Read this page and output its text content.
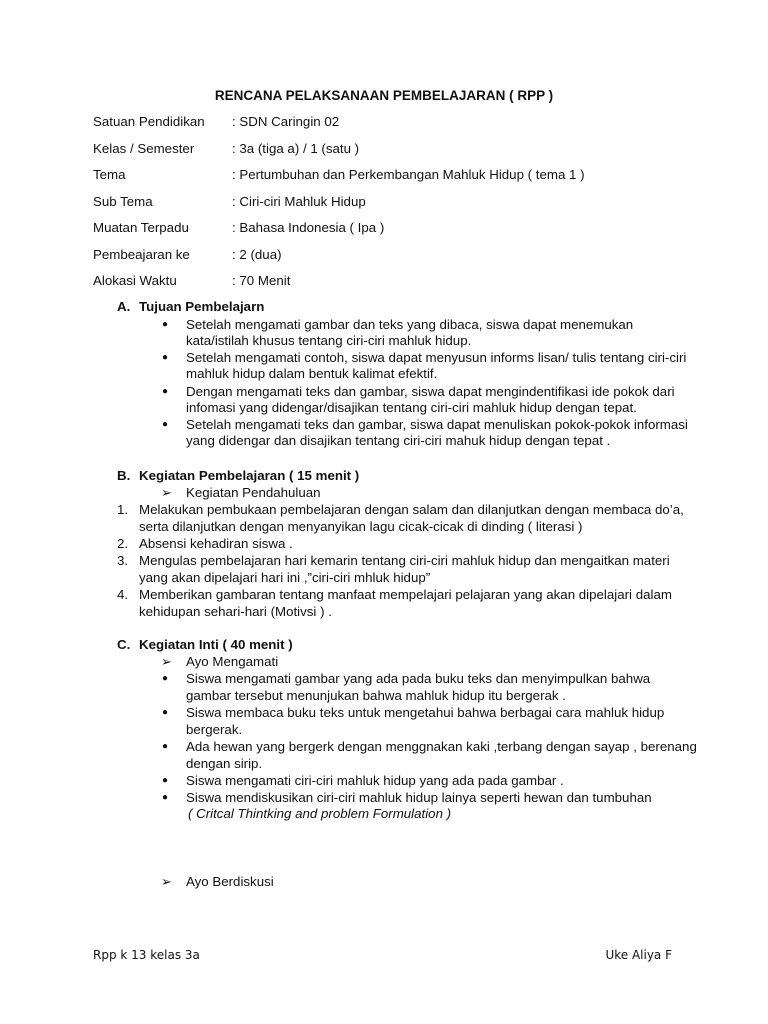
RENCANA PELAKSANAAN PEMBELAJARAN ( RPP )
Satuan Pendidikan : SDN Caringin 02
Kelas / Semester	: 3a (tiga a) / 1 (satu )
Tema	: Pertumbuhan dan Perkembangan Mahluk Hidup ( tema 1 )
Sub Tema	: Ciri-ciri Mahluk Hidup
Muatan Terpadu	: Bahasa Indonesia ( Ipa )
Pembeajaran ke	: 2 (dua)
Alokasi Waktu	: 70 Menit
A. Tujuan Pembelajarn
● Setelah mengamati gambar dan teks yang dibaca, siswa dapat menemukan
kata/istilah khusus tentang ciri-ciri mahluk hidup.
● Setelah mengamati contoh, siswa dapat menyusun informs lisan/ tulis tentang ciri-ciri
mahluk hidup dalam bentuk kalimat efektif.
● Dengan mengamati teks dan gambar, siswa dapat mengindentifikasi ide pokok dari
infomasi yang didengar/disajikan tentang ciri-ciri mahluk hidup dengan tepat.
● Setelah mengamati teks dan gambar, siswa dapat menuliskan pokok-pokok informasi
yang didengar dan disajikan tentang ciri-ciri mahuk hidup dengan tepat .
B. Kegiatan Pembelajaran ( 15 menit )
➢ Kegiatan Pendahuluan
1. Melakukan pembukaan pembelajaran dengan salam dan dilanjutkan dengan membaca do’a,
serta dilanjutkan dengan menyanyikan lagu cicak-cicak di dinding ( literasi )
2. Absensi kehadiran siswa .
3. Mengulas pembelajaran hari kemarin tentang ciri-ciri mahluk hidup dan mengaitkan materi
yang akan dipelajari hari ini ,”ciri-ciri mhluk hidup”
4. Memberikan gambaran tentang manfaat mempelajari pelajaran yang akan dipelajari dalam
kehidupan sehari-hari (Motivsi ) .
C. Kegiatan Inti ( 40 menit )
➢ Ayo Mengamati
● Siswa mengamati gambar yang ada pada buku teks dan menyimpulkan bahwa
gambar tersebut menunjukan bahwa mahluk hidup itu bergerak .
● Siswa membaca buku teks untuk mengetahui bahwa berbagai cara mahluk hidup
bergerak.
● Ada hewan yang bergerk dengan menggnakan kaki ,terbang dengan sayap , berenang
dengan sirip.
● Siswa mengamati ciri-ciri mahluk hidup yang ada pada gambar .
● Siswa mendiskusikan ciri-ciri mahluk hidup lainya seperti hewan dan tumbuhan
( Critcal Thintking and problem Formulation )
➢ Ayo Berdiskusi
Rpp k 13 kelas 3a	Uke Aliya F
